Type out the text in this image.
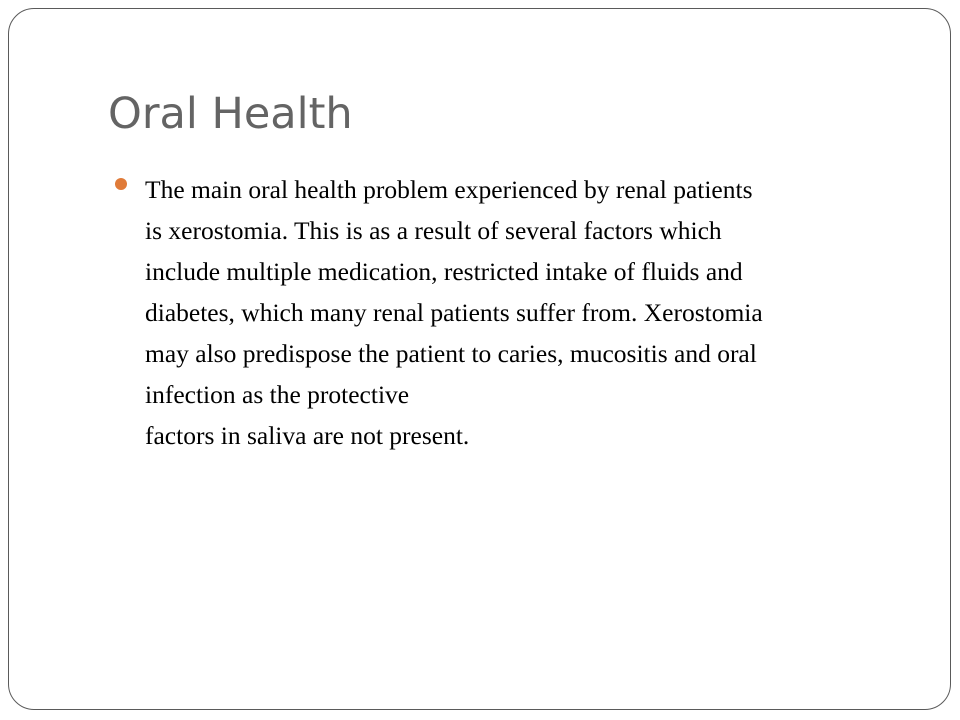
Oral Health
The main oral health problem experienced by renal patients
is xerostomia. This is as a result of several factors which
include multiple medication, restricted intake of fluids and
diabetes, which many renal patients suffer from. Xerostomia
may also predispose the patient to caries, mucositis and oral
infection as the protective
factors in saliva are not present.
